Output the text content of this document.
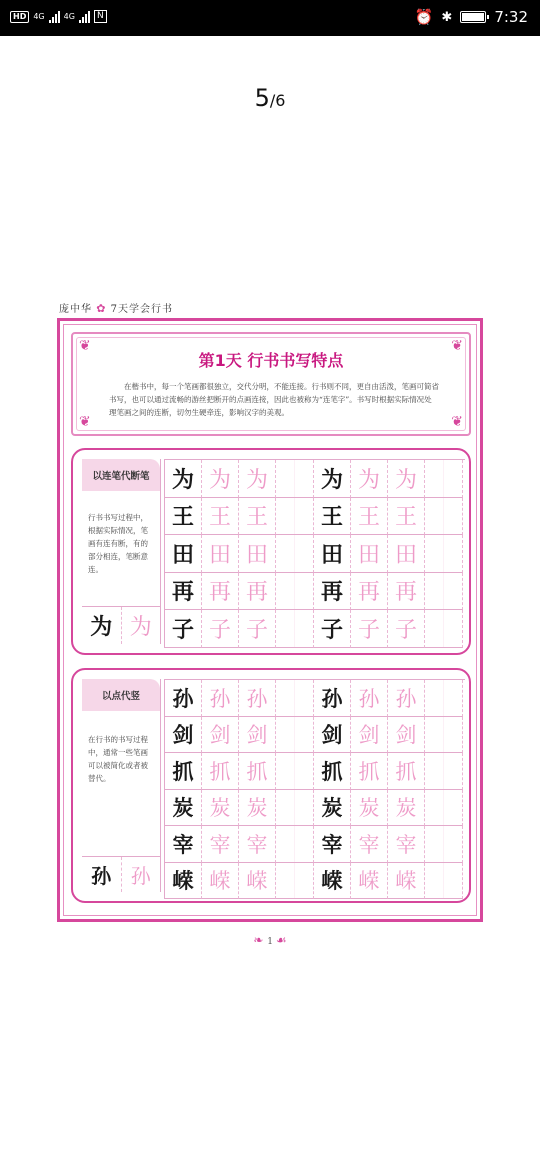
HD 4G 4G	N	⏰ ✱	7:32
5/6
庞中华 ✿ 7天学会行书
❦	❦
❦	❦
第1天 行书书写特点
在楷书中，每一个笔画都很独立，交代分明，不能连接。行书则不同，更自由活泼，笔画可简省书写，也可以通过流畅的游丝把断开的点画连接，因此也被称为“连笔字”。书写时根据实际情况处理笔画之间的连断，切勿生硬牵连，影响汉字的美观。
以连笔代断笔
行书书写过程中，根据实际情况，笔画有连有断，有的部分相连，笔断意连。
为 为
为 为 为 为 为 为
王 王 王 王 王 王
田 田 田 田 田 田
再 再 再 再 再 再
子 子 子 子 子 子
以点代竖
在行书的书写过程中，通常一些笔画可以被简化或者被替代。
孙 孙
孙 孙 孙	孙 孙 孙
剑 剑 剑	剑 剑 剑
抓 抓 抓	抓 抓 抓
炭 炭 炭	炭 炭 炭
宰 宰 宰	宰 宰 宰
嵘 嵘 嵘	嵘 嵘 嵘
❧ 1 ☙
